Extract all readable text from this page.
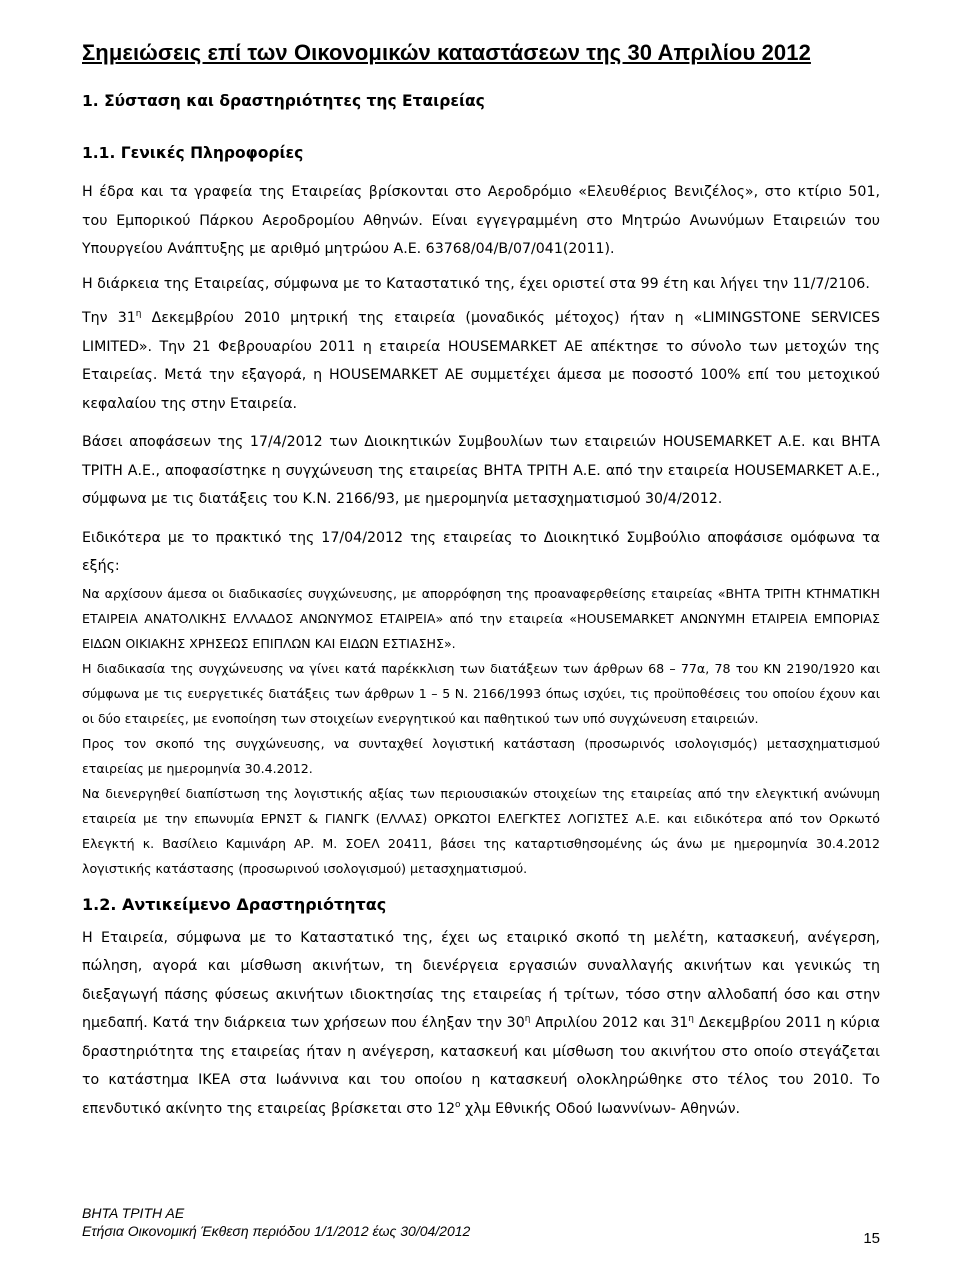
Σημειώσεις επί των Οικονομικών καταστάσεων της 30 Απριλίου 2012
1. Σύσταση και δραστηριότητες της Εταιρείας
1.1. Γενικές Πληροφορίες

Η έδρα και τα γραφεία της Εταιρείας βρίσκονται στο Αεροδρόμιο «Ελευθέριος Βενιζέλος», στο κτίριο 501, του Εμπορικού Πάρκου Αεροδρομίου Αθηνών. Είναι εγγεγραμμένη στο Μητρώο Ανωνύμων Εταιρειών του Υπουργείου Ανάπτυξης με αριθμό μητρώου Α.Ε. 63768/04/Β/07/041(2011).

Η διάρκεια της Εταιρείας, σύμφωνα με το Καταστατικό της, έχει οριστεί στα 99 έτη και λήγει την 11/7/2106.

Την $31^\eta$ Δεκεμβρίου 2010 μητρική της εταιρεία (μοναδικός μέτοχος) ήταν η «LIMINGSTONE SERVICES LIMITED». Την 21 Φεβρουαρίου 2011 η εταιρεία HOUSEMARKET AE απέκτησε το σύνολο των μετοχών της Εταιρείας. Μετά την εξαγορά, η HOUSEMARKET AE συμμετέχει άμεσα με ποσοστό 100% επί του μετοχικού κεφαλαίου της στην Εταιρεία.

Βάσει αποφάσεων της 17/4/2012 των Διοικητικών Συμβουλίων των εταιρειών HOUSEMARKET A.E. και ΒΗΤΑ ΤΡΙΤΗ Α.Ε., αποφασίστηκε η συγχώνευση της εταιρείας ΒΗΤΑ ΤΡΙΤΗ Α.Ε. από την εταιρεία HOUSEMARKET A.E., σύμφωνα με τις διατάξεις του Κ.Ν. 2166/93, με ημερομηνία μετασχηματισμού 30/4/2012.

Ειδικότερα με το πρακτικό της 17/04/2012 της εταιρείας το Διοικητικό Συμβούλιο αποφάσισε ομόφωνα τα εξής:

Να αρχίσουν άμεσα οι διαδικασίες συγχώνευσης, με απορρόφηση της προαναφερθείσης εταιρείας «ΒΗΤΑ ΤΡΙΤΗ ΚΤΗΜΑΤΙΚΗ ΕΤΑΙΡΕΙΑ ΑΝΑΤΟΛΙΚΗΣ ΕΛΛΑΔΟΣ ΑΝΩΝΥΜΟΣ ΕΤΑΙΡΕΙΑ» από την εταιρεία «HOUSEMARKET ΑΝΩΝΥΜΗ ΕΤΑΙΡΕΙΑ ΕΜΠΟΡΙΑΣ ΕΙΔΩΝ ΟΙΚΙΑΚΗΣ ΧΡΗΣΕΩΣ ΕΠΙΠΛΩΝ ΚΑΙ ΕΙΔΩΝ ΕΣΤΙΑΣΗΣ».

Η διαδικασία της συγχώνευσης να γίνει κατά παρέκκλιση των διατάξεων των άρθρων 68 – 77α, 78 του ΚΝ 2190/1920 και σύμφωνα με τις ευεργετικές διατάξεις των άρθρων 1 – 5 Ν. 2166/1993 όπως ισχύει, τις προϋποθέσεις του οποίου έχουν και οι δύο εταιρείες, με ενοποίηση των στοιχείων ενεργητικού και παθητικού των υπό συγχώνευση εταιρειών.

Προς τον σκοπό της συγχώνευσης, να συνταχθεί λογιστική κατάσταση (προσωρινός ισολογισμός) μετασχηματισμού εταιρείας με ημερομηνία 30.4.2012.

Να διενεργηθεί διαπίστωση της λογιστικής αξίας των περιουσιακών στοιχείων της εταιρείας από την ελεγκτική ανώνυμη εταιρεία με την επωνυμία ΕΡΝΣΤ & ΓΙΑΝΓΚ (ΕΛΛΑΣ) ΟΡΚΩΤΟΙ ΕΛΕΓΚΤΕΣ ΛΟΓΙΣΤΕΣ Α.Ε. και ειδικότερα από τον Ορκωτό Ελεγκτή κ. Βασίλειο Καμινάρη ΑΡ. Μ. ΣΟΕΛ 20411, βάσει της καταρτισθησομένης ώς άνω με ημερομηνία 30.4.2012 λογιστικής κατάστασης (προσωρινού ισολογισμού) μετασχηματισμού.

1.2. Αντικείμενο Δραστηριότητας

Η Εταιρεία, σύμφωνα με το Καταστατικό της, έχει ως εταιρικό σκοπό τη μελέτη, κατασκευή, ανέγερση, πώληση, αγορά και μίσθωση ακινήτων, τη διενέργεια εργασιών συναλλαγής ακινήτων και γενικώς τη διεξαγωγή πάσης φύσεως ακινήτων ιδιοκτησίας της εταιρείας ή τρίτων, τόσο στην αλλοδαπή όσο και στην ημεδαπή. Κατά την διάρκεια των χρήσεων που έληξαν την $30^\eta$ Απριλίου 2012 και $31^\eta$ Δεκεμβρίου 2011 η κύρια δραστηριότητα της εταιρείας ήταν η ανέγερση, κατασκευή και μίσθωση του ακινήτου στο οποίο στεγάζεται το κατάστημα ΙΚΕΑ στα Ιωάννινα και του οποίου η κατασκευή ολοκληρώθηκε στο τέλος του 2010. Το επενδυτικό ακίνητο της εταιρείας βρίσκεται στο $12^o$ χλμ Εθνικής Οδού Ιωαννίνων- Αθηνών.

ΒΗΤΑ ΤΡΙΤΗ ΑΕ
Ετήσια Οικονομική Έκθεση περιόδου 1/1/2012 έως 30/04/2012	15
